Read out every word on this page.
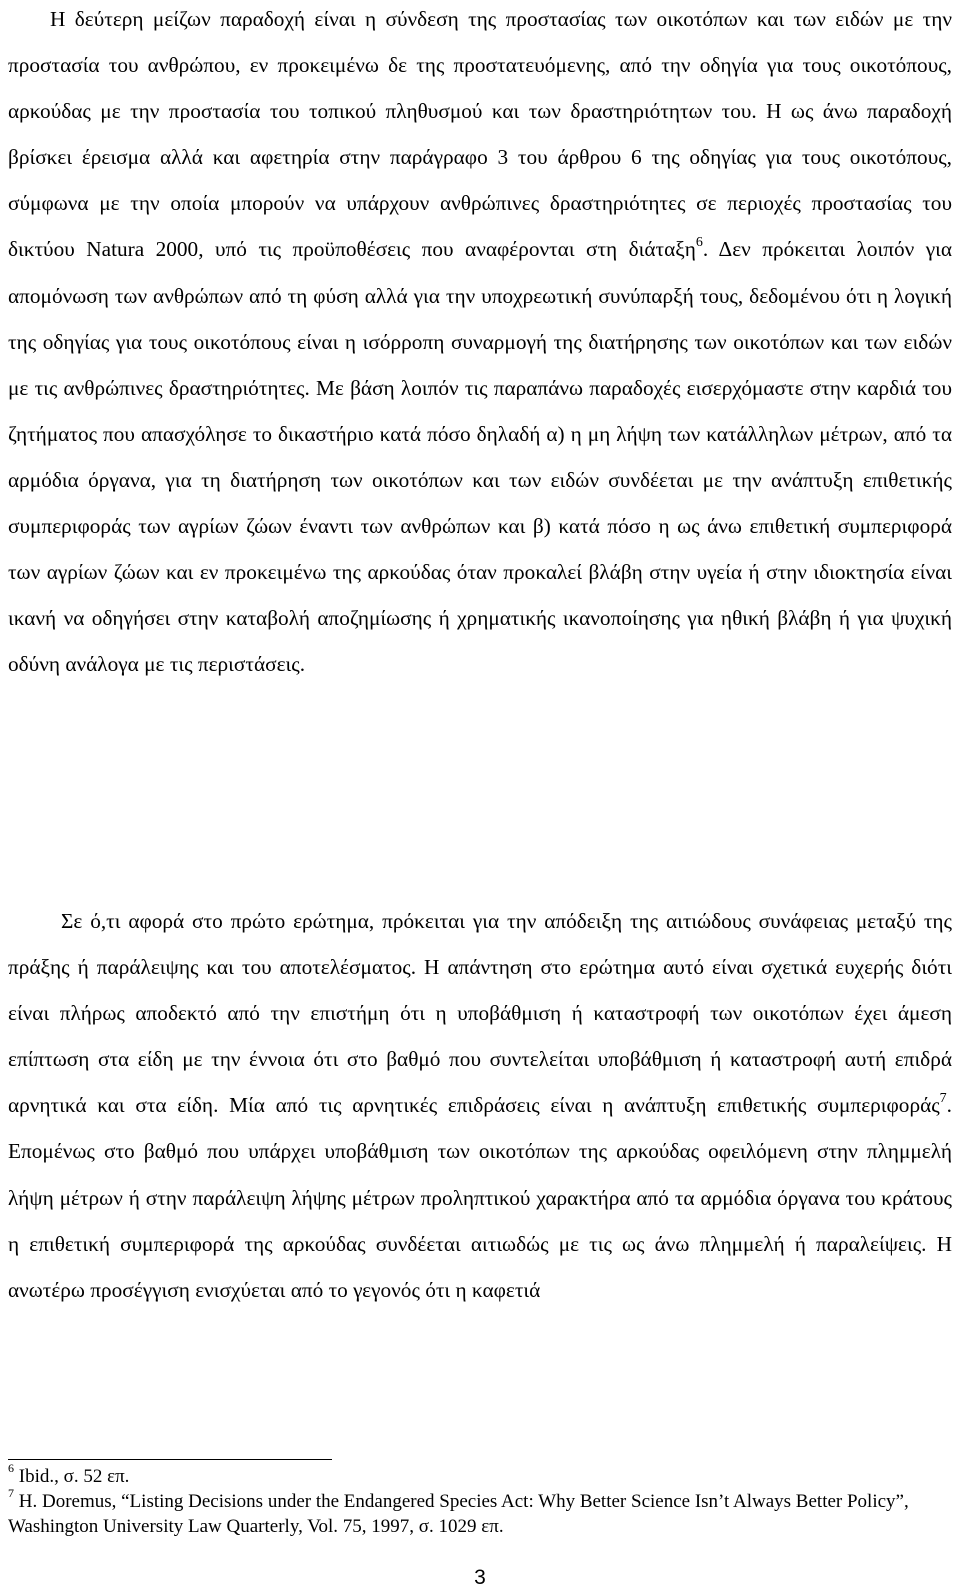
Η δεύτερη μείζων παραδοχή είναι η σύνδεση της προστασίας των οικοτόπων και των ειδών με την προστασία του ανθρώπου, εν προκειμένω δε της προστατευόμενης, από την οδηγία για τους οικοτόπους, αρκούδας με την προστασία του τοπικού πληθυσμού και των δραστηριότητων του. Η ως άνω παραδοχή βρίσκει έρεισμα αλλά και αφετηρία στην παράγραφο 3 του άρθρου 6 της οδηγίας για τους οικοτόπους, σύμφωνα με την οποία μπορούν να υπάρχουν ανθρώπινες δραστηριότητες σε περιοχές προστασίας του δικτύου Natura 2000, υπό τις προϋποθέσεις που αναφέρονται στη διάταξη$^6$. Δεν πρόκειται λοιπόν για απομόνωση των ανθρώπων από τη φύση αλλά για την υποχρεωτική συνύπαρξή τους, δεδομένου ότι η λογική της οδηγίας για τους οικοτόπους είναι η ισόρροπη συναρμογή της διατήρησης των οικοτόπων και των ειδών με τις ανθρώπινες δραστηριότητες. Με βάση λοιπόν τις παραπάνω παραδοχές εισερχόμαστε στην καρδιά του ζητήματος που απασχόλησε το δικαστήριο κατά πόσο δηλαδή α) η μη λήψη των κατάλληλων μέτρων, από τα αρμόδια όργανα, για τη διατήρηση των οικοτόπων και των ειδών συνδέεται με την ανάπτυξη επιθετικής συμπεριφοράς των αγρίων ζώων έναντι των ανθρώπων και β) κατά πόσο η ως άνω επιθετική συμπεριφορά των αγρίων ζώων και εν προκειμένω της αρκούδας όταν προκαλεί βλάβη στην υγεία ή στην ιδιοκτησία είναι ικανή να οδηγήσει στην καταβολή αποζημίωσης ή χρηματικής ικανοποίησης για ηθική βλάβη ή για ψυχική οδύνη ανάλογα με τις περιστάσεις.

Σε ό,τι αφορά στο πρώτο ερώτημα, πρόκειται για την απόδειξη της αιτιώδους συνάφειας μεταξύ της πράξης ή παράλειψης και του αποτελέσματος. Η απάντηση στο ερώτημα αυτό είναι σχετικά ευχερής διότι είναι πλήρως αποδεκτό από την επιστήμη ότι η υποβάθμιση ή καταστροφή των οικοτόπων έχει άμεση επίπτωση στα είδη με την έννοια ότι στο βαθμό που συντελείται υποβάθμιση ή καταστροφή αυτή επιδρά αρνητικά και στα είδη. Μία από τις αρνητικές επιδράσεις είναι η ανάπτυξη επιθετικής συμπεριφοράς$^7$. Επομένως στο βαθμό που υπάρχει υποβάθμιση των οικοτόπων της αρκούδας οφειλόμενη στην πλημμελή λήψη μέτρων ή στην παράλειψη λήψης μέτρων προληπτικού χαρακτήρα από τα αρμόδια όργανα του κράτους η επιθετική συμπεριφορά της αρκούδας συνδέεται αιτιωδώς με τις ως άνω πλημμελή ή παραλείψεις. Η ανωτέρω προσέγγιση ενισχύεται από το γεγονός ότι η καφετιά

$^6$ Ibid., σ. 52 επ.

$^7$ H. Doremus, “Listing Decisions under the Endangered Species Act: Why Better Science Isn’t Always Better Policy”, Washington University Law Quarterly, Vol. 75, 1997, σ. 1029 επ.

3
